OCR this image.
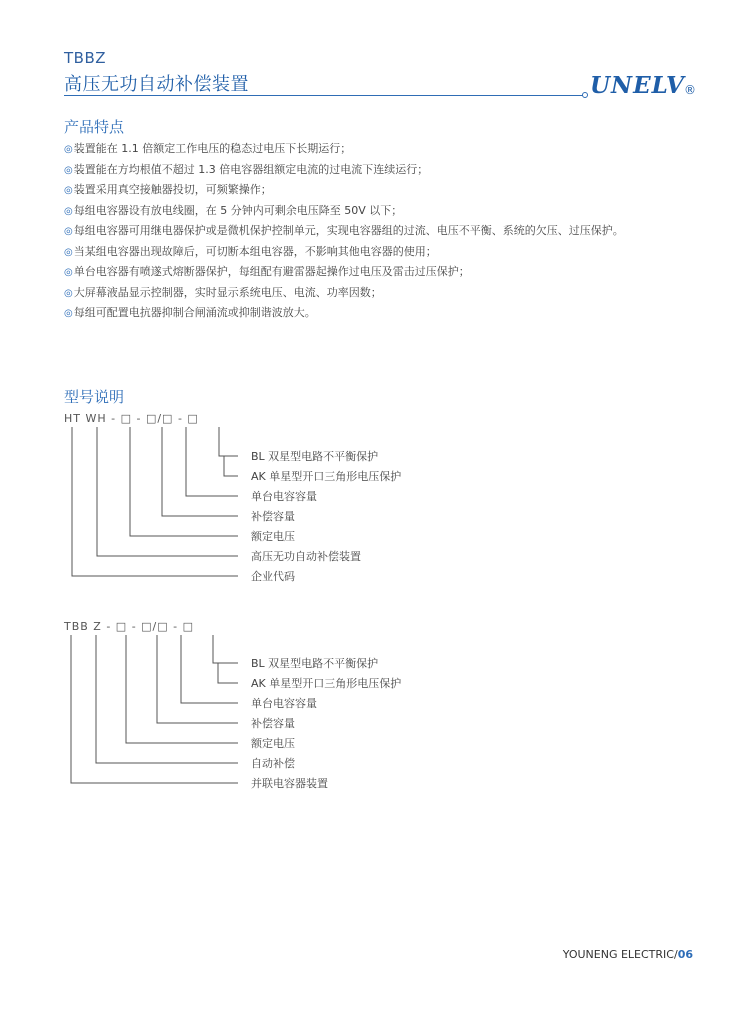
TBBZ
高压无功自动补偿装置	UNELV ®
产品特点
◎装置能在 1.1 倍额定工作电压的稳态过电压下长期运行；
◎装置能在方均根值不超过 1.3 倍电容器组额定电流的过电流下连续运行；
◎装置采用真空接触器投切，可频繁操作；
◎每组电容器设有放电线圈，在 5 分钟内可剩余电压降至 50V 以下；
◎每组电容器可用继电器保护或是微机保护控制单元，实现电容器组的过流、电压不平衡、系统的欠压、过压保护。
◎当某组电容器出现故障后，可切断本组电容器，不影响其他电容器的使用；
◎单台电容器有喷遂式熔断器保护，每组配有避雷器起操作过电压及雷击过压保护；
◎大屏幕液晶显示控制器，实时显示系统电压、电流、功率因数；
◎每组可配置电抗器抑制合闸涌流或抑制谐波放大。
型号说明
HT WH - □ - □/□ - □
BL 双星型电路不平衡保护
AK 单星型开口三角形电压保护
单台电容容量
补偿容量
额定电压
高压无功自动补偿装置
企业代码
TBB Z - □ - □/□ - □
BL 双星型电路不平衡保护
AK 单星型开口三角形电压保护
单台电容容量
补偿容量
额定电压
自动补偿
并联电容器装置
YOUNENG ELECTRIC/06
